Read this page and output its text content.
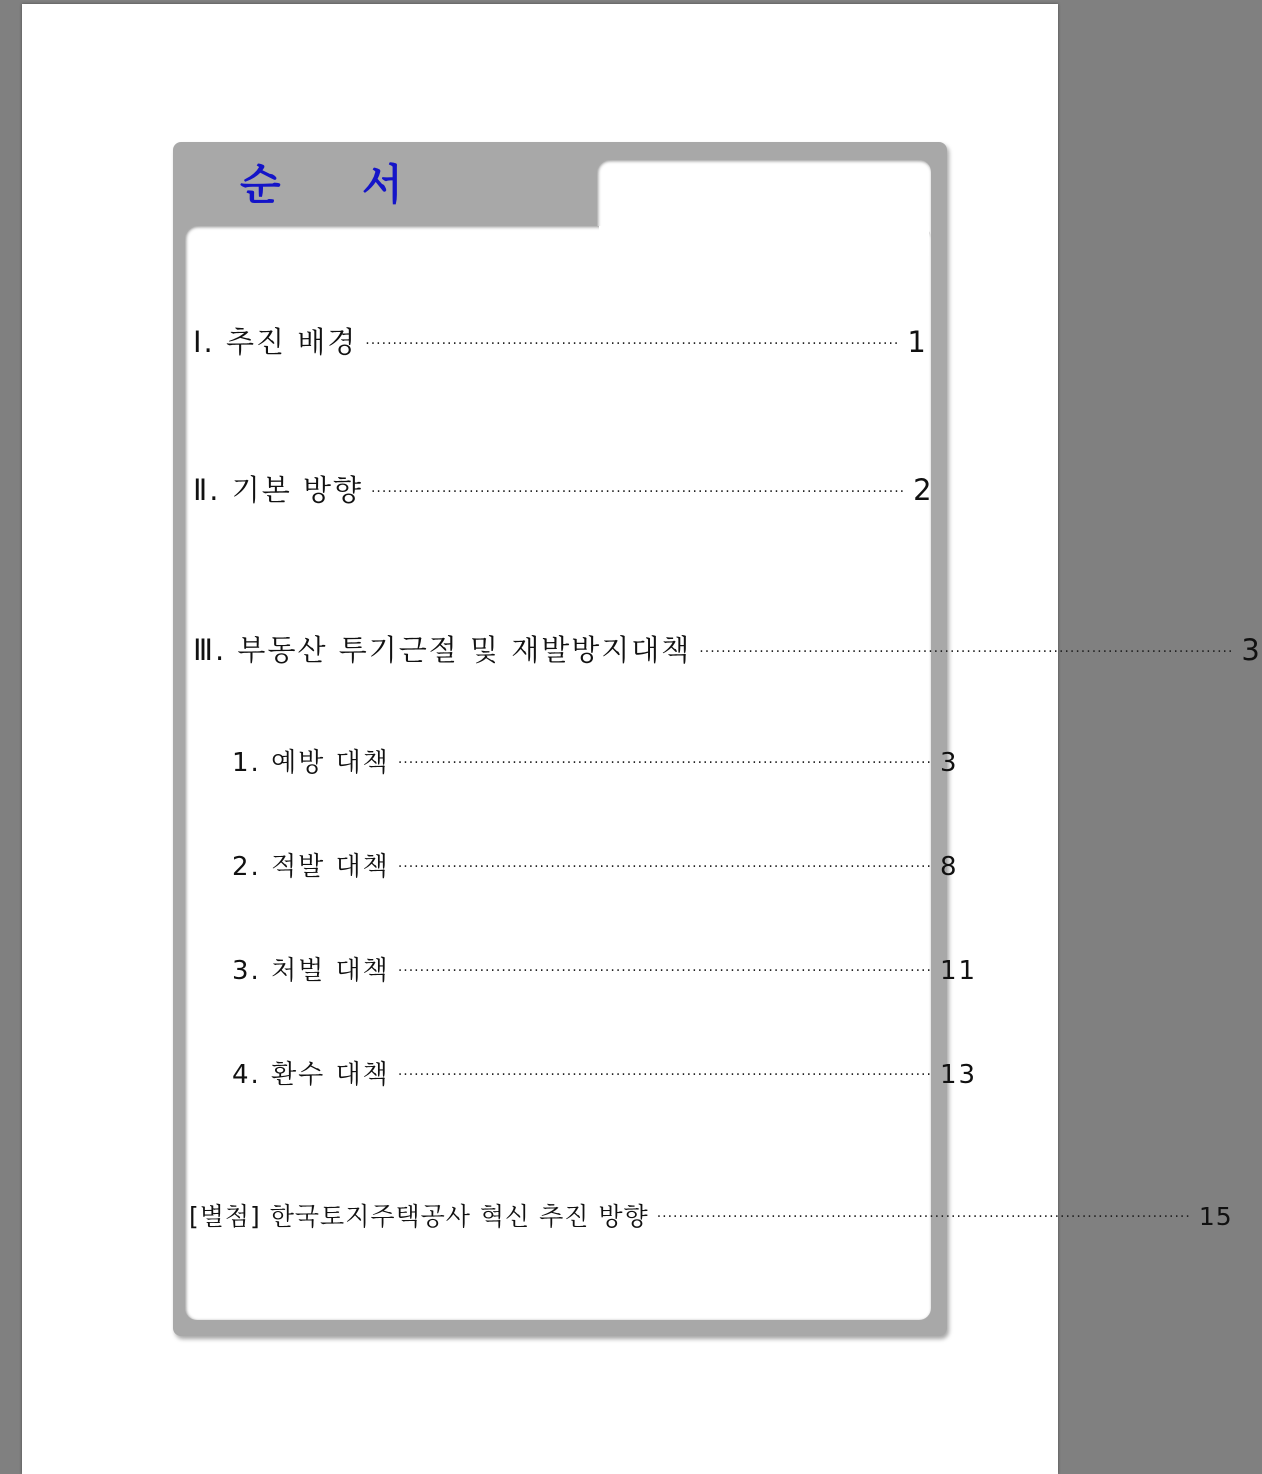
순 서
Ⅰ. 추진 배경 ·································································································· 1
Ⅱ. 기본 방향 ·································································································· 2
Ⅲ. 부동산 투기근절 및 재발방지대책 ·································································································· 3
1. 예방 대책 ·································································································· 3
2. 적발 대책 ·································································································· 8
3. 처벌 대책 ·································································································· 11
4. 환수 대책 ·································································································· 13
[별첨] 한국토지주택공사 혁신 추진 방향 ·································································································· 15
